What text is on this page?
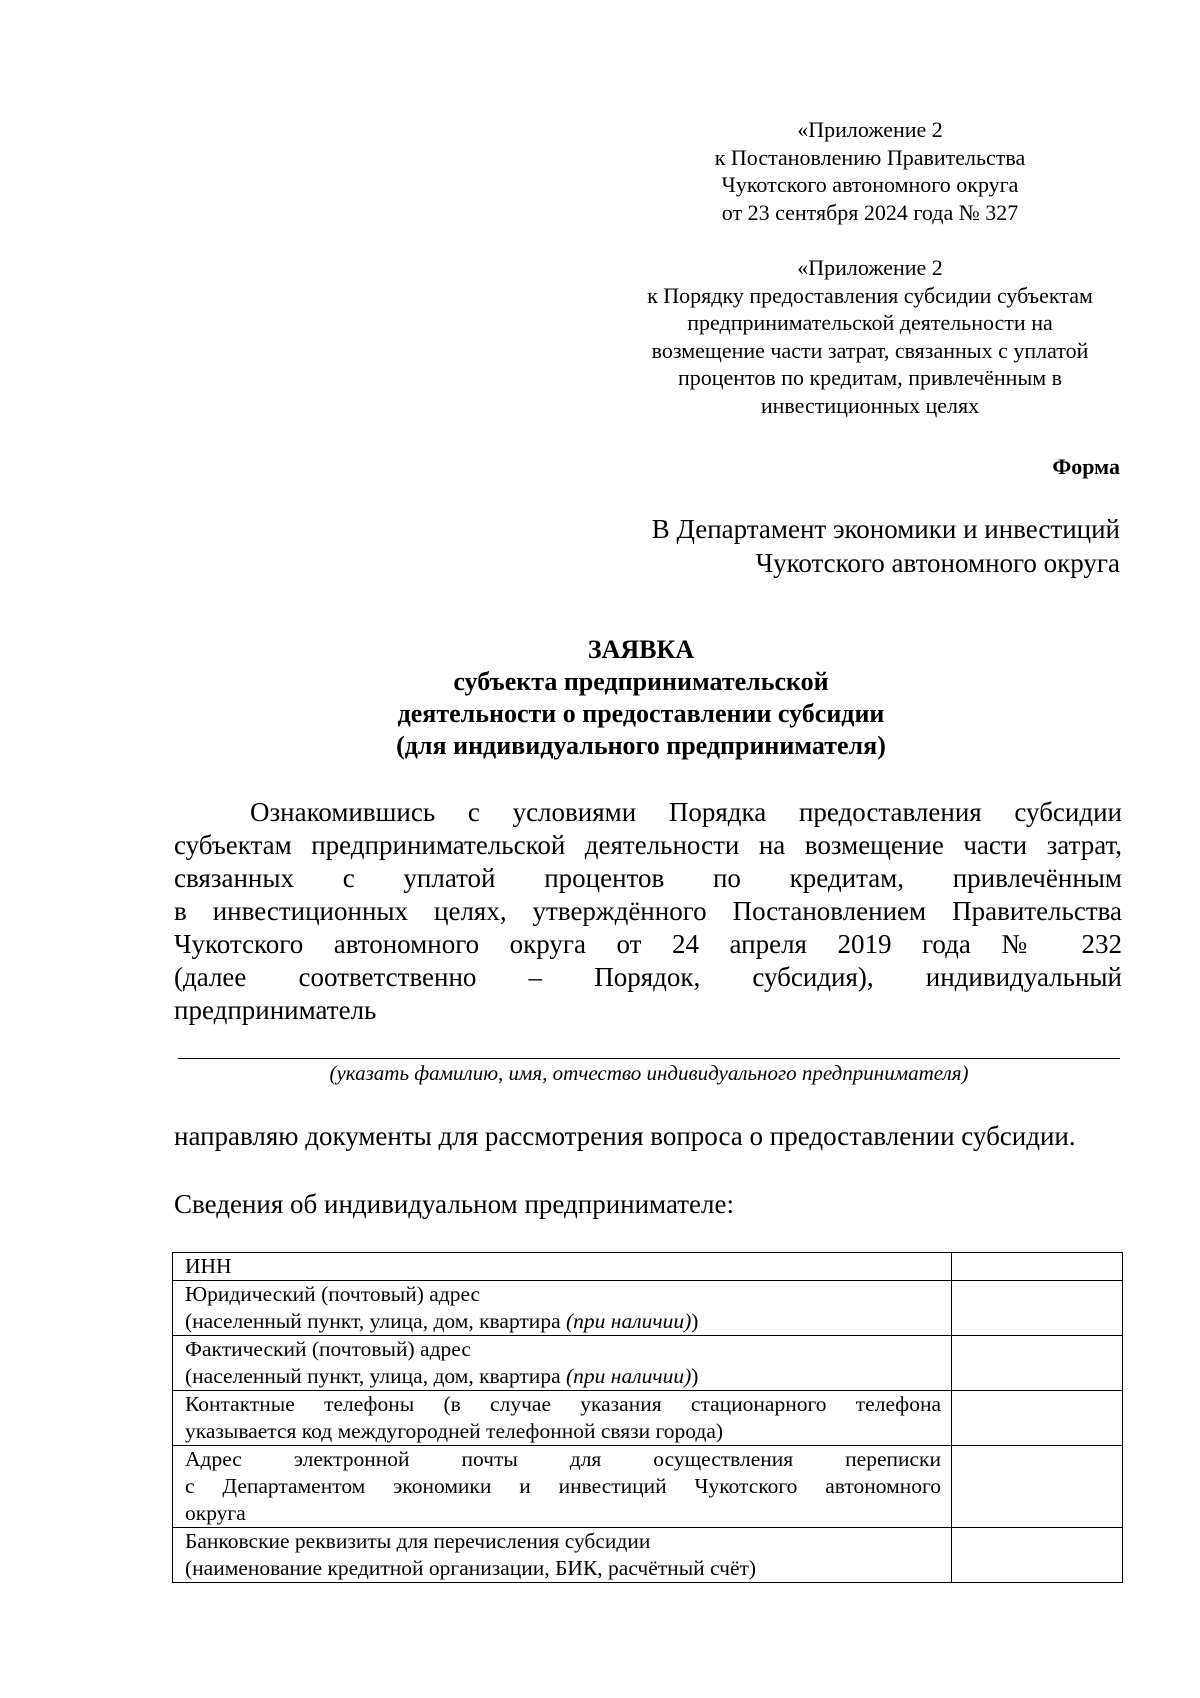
«Приложение 2
к Постановлению Правительства
Чукотского автономного округа
от 23 сентября 2024 года № 327
«Приложение 2
к Порядку предоставления субсидии субъектам
предпринимательской деятельности на
возмещение части затрат, связанных с уплатой
процентов по кредитам, привлечённым в
инвестиционных целях
Форма
В Департамент экономики и инвестиций
Чукотского автономного округа
ЗАЯВКА
субъекта предпринимательской
деятельности о предоставлении субсидии
(для индивидуального предпринимателя)
Ознакомившись с условиями Порядка предоставления субсидии
субъектам предпринимательской деятельности на возмещение части затрат,
связанных с уплатой процентов по кредитам, привлечённым
в инвестиционных целях, утверждённого Постановлением Правительства
Чукотского автономного округа от 24 апреля 2019 года № 232
(далее соответственно – Порядок, субсидия), индивидуальный
предприниматель
(указать фамилию, имя, отчество индивидуального предпринимателя)
направляю документы для рассмотрения вопроса о предоставлении субсидии.
Сведения об индивидуальном предпринимателе:
ИНН	

Юридический (почтовый) адрес
(населенный пункт, улица, дом, квартира (при наличии))	

Фактический (почтовый) адрес
(населенный пункт, улица, дом, квартира (при наличии))	

Контактные телефоны (в случае указания стационарного телефона
указывается код междугородней телефонной связи города)	

Адрес электронной почты для осуществления переписки
с Департаментом экономики и инвестиций Чукотского автономного
округа	

Банковские реквизиты для перечисления субсидии
(наименование кредитной организации, БИК, расчётный счёт)	
